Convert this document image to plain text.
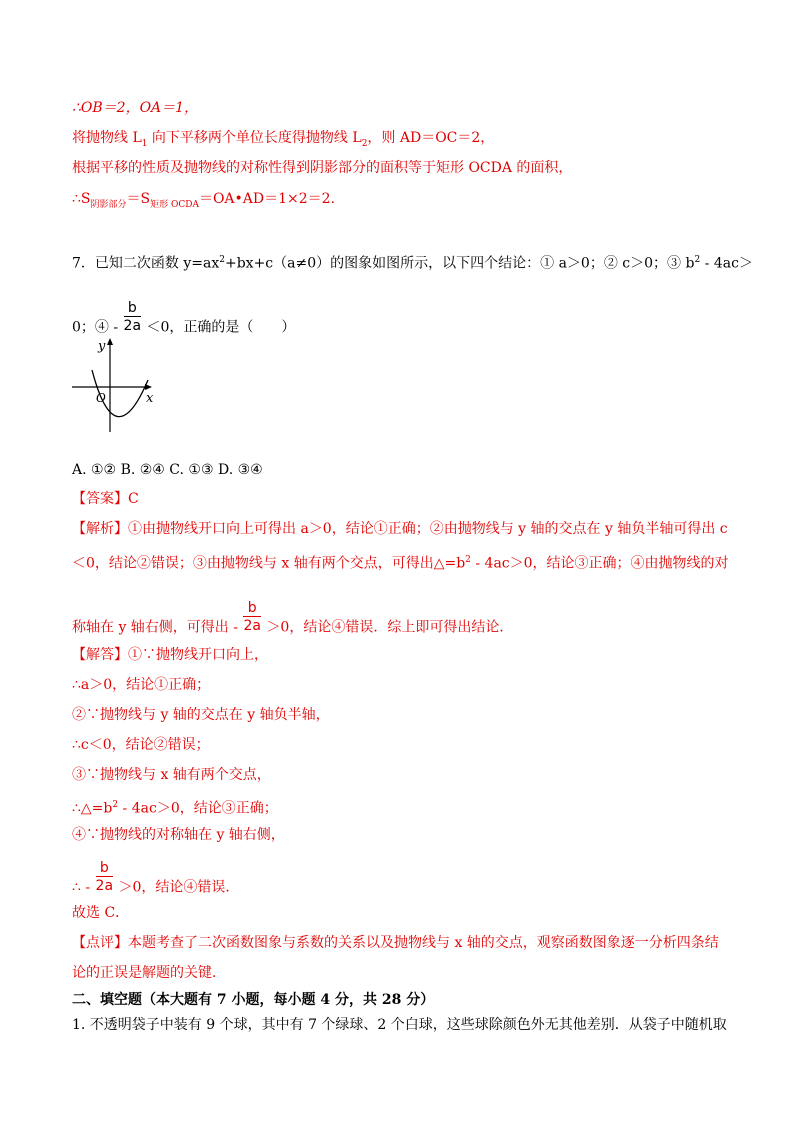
∴OB＝2，OA＝1，
将抛物线 $L_1$ 向下平移两个单位长度得抛物线 $L_2$，则 AD＝OC＝2，
根据平移的性质及抛物线的对称性得到阴影部分的面积等于矩形 OCDA 的面积，
$\therefore S_{阴影部分}=S_{矩形 OCDA}=OA•AD=1\times 2=2$．
7．已知二次函数 $y=ax^2+bx+c(a\ne 0)$的图象如图所示，以下四个结论：① a＞0；② c＞0；③ $b^2 - 4ac>$
0；④ - $\frac{b}{2a} <0$，正确的是（　　）
y
x
O
A. ①② B. ②④ C. ①③ D. ③④
【答案】C
【解析】①由抛物线开口向上可得出 a＞0，结论①正确；②由抛物线与 y 轴的交点在 y 轴负半轴可得出 c
＜0，结论②错误；③由抛物线与 x 轴有两个交点，可得出$\triangle=b^2 - 4ac>0$，结论③正确；④由抛物线的对
称轴在 y 轴右侧，可得出 - $\frac{b}{2a} >0$，结论④错误．综上即可得出结论．
【解答】①∵抛物线开口向上，
∴a＞0，结论①正确；
②∵抛物线与 y 轴的交点在 y 轴负半轴，
∴c＜0，结论②错误；
③∵抛物线与 x 轴有两个交点，
$\therefore\triangle=b^2 - 4ac>0$，结论③正确；
④∵抛物线的对称轴在 y 轴右侧，
∴ - $\frac{b}{2a} >0$，结论④错误．
故选 C．
【点评】本题考查了二次函数图象与系数的关系以及抛物线与 x 轴的交点，观察函数图象逐一分析四条结
论的正误是解题的关键．
二、填空题（本大题有 7 小题，每小题 4 分，共 28 分）
1. 不透明袋子中装有 9 个球，其中有 7 个绿球、2 个白球，这些球除颜色外无其他差别．从袋子中随机取
